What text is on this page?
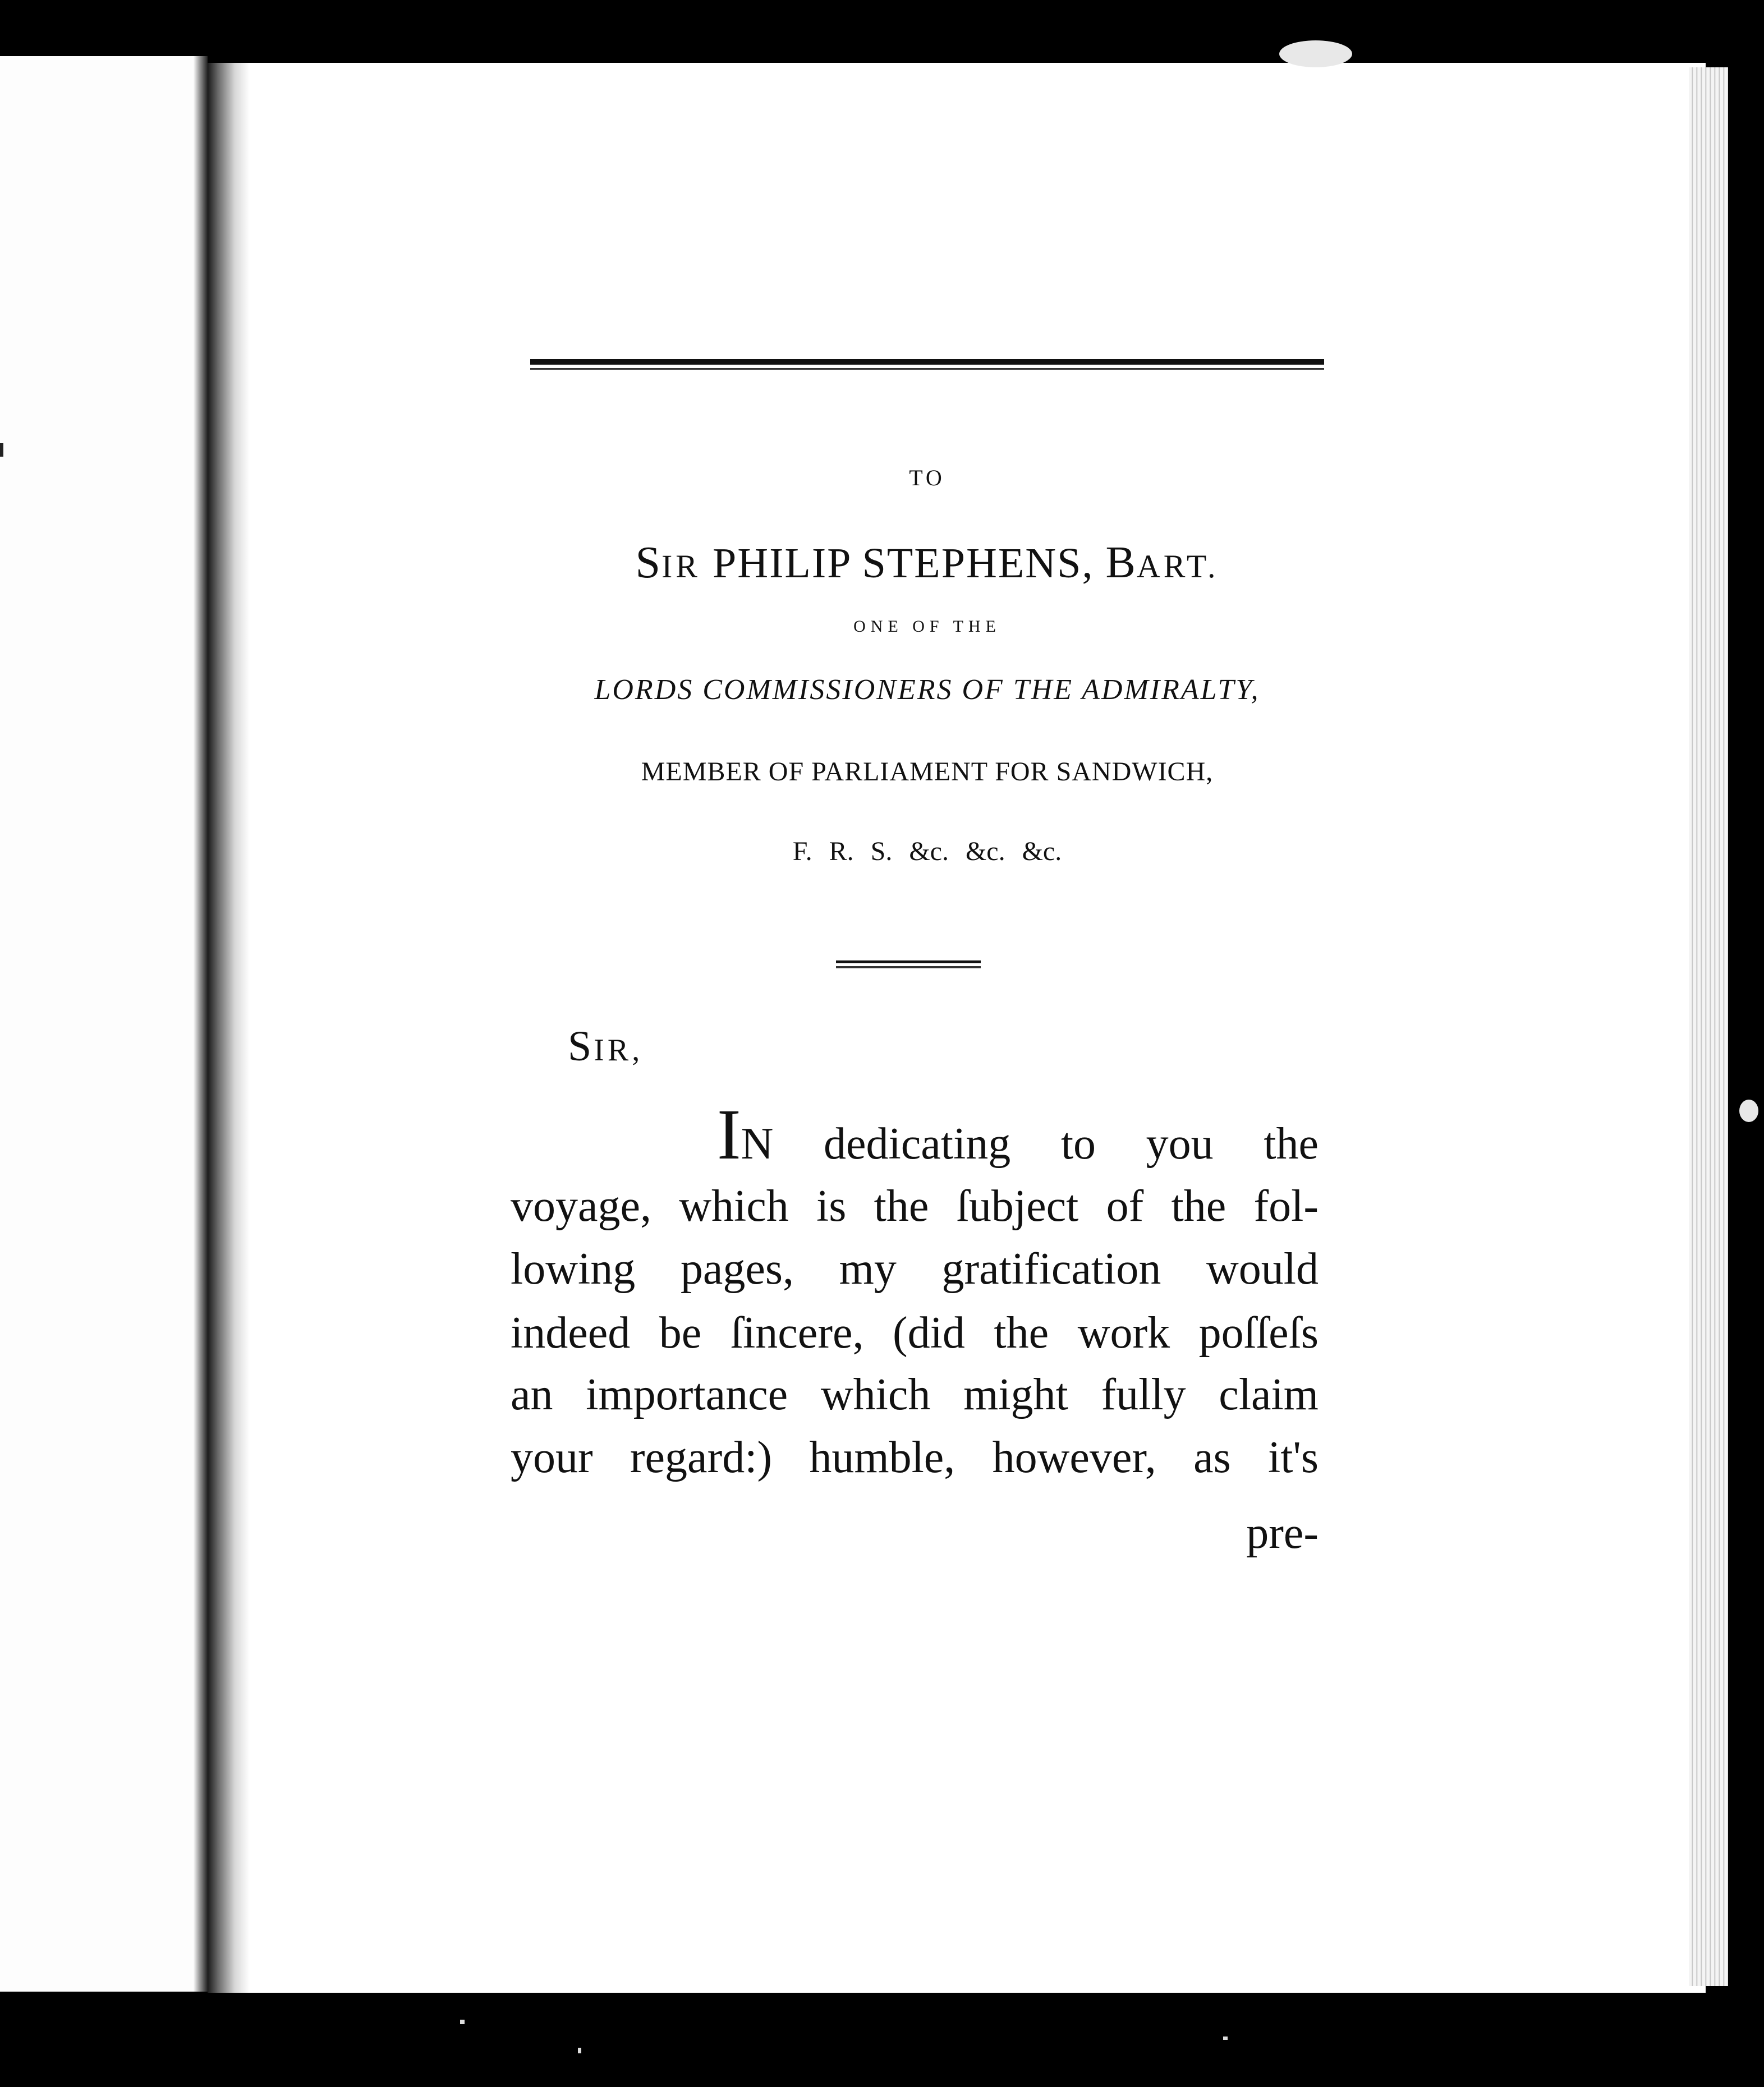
TO
SIR PHILIP STEPHENS, BART.
ONE OF THE
LORDS COMMISSIONERS OF THE ADMIRALTY,
MEMBER OF PARLIAMENT FOR SANDWICH,
F. R. S. &c. &c. &c.
SIR,
IN dedicating to you the
voyage, which is the ſubject of the fol-
lowing pages, my gratification would
indeed be ſincere, (did the work poſſeſs
an importance which might fully claim
your regard:) humble, however, as it's
pre-
